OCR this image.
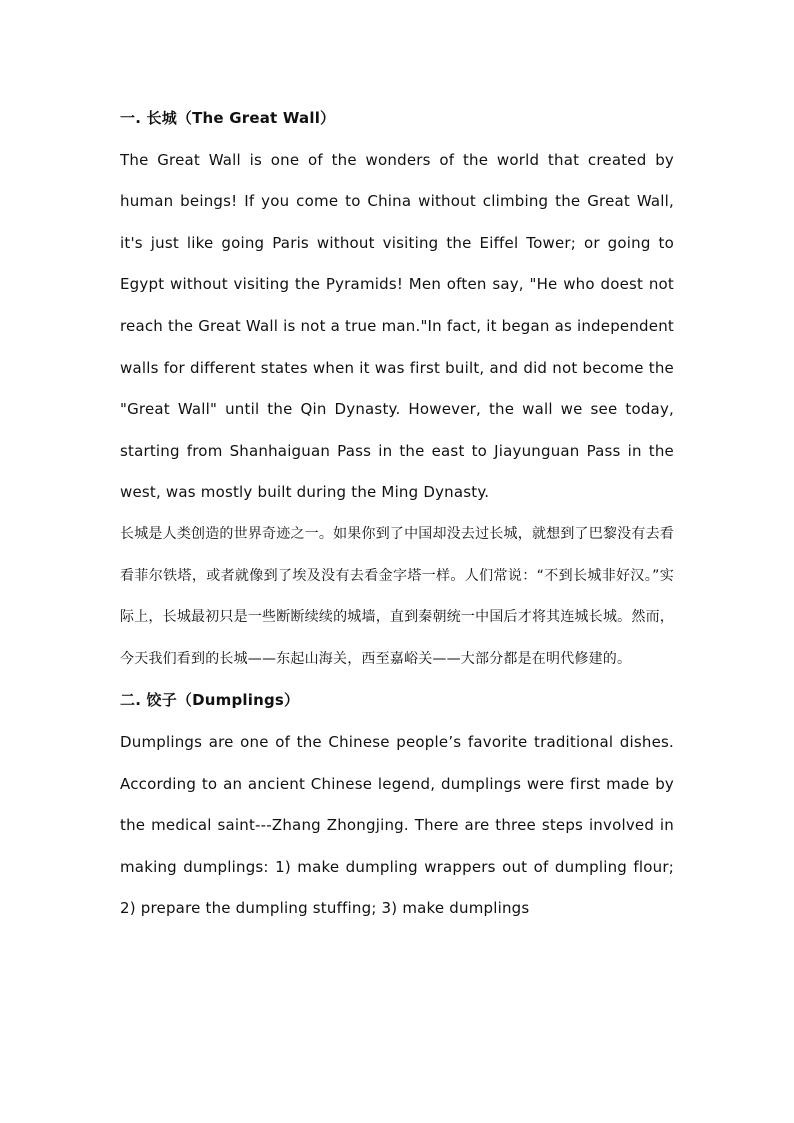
一. 长城（The Great Wall）

The Great Wall is one of the wonders of the world that created by human beings! If you come to China without climbing the Great Wall, it's just like going Paris without visiting the Eiffel Tower; or going to Egypt without visiting the Pyramids! Men often say, "He who doest not reach the Great Wall is not a true man."In fact, it began as independent walls for different states when it was first built, and did not become the "Great Wall" until the Qin Dynasty. However, the wall we see today, starting from Shanhaiguan Pass in the east to Jiayunguan Pass in the west, was mostly built during the Ming Dynasty.

长城是人类创造的世界奇迹之一。如果你到了中国却没去过长城，就想到了巴黎没有去看看菲尔铁塔，或者就像到了埃及没有去看金字塔一样。人们常说：“不到长城非好汉。”实际上，长城最初只是一些断断续续的城墙，直到秦朝统一中国后才将其连城长城。然而，今天我们看到的长城——东起山海关，西至嘉峪关——大部分都是在明代修建的。

二. 饺子（Dumplings）

Dumplings are one of the Chinese people’s favorite traditional dishes. According to an ancient Chinese legend, dumplings were first made by the medical saint---Zhang Zhongjing. There are three steps involved in making dumplings: 1) make dumpling wrappers out of dumpling flour; 2) prepare the dumpling stuffing; 3) make dumplings
